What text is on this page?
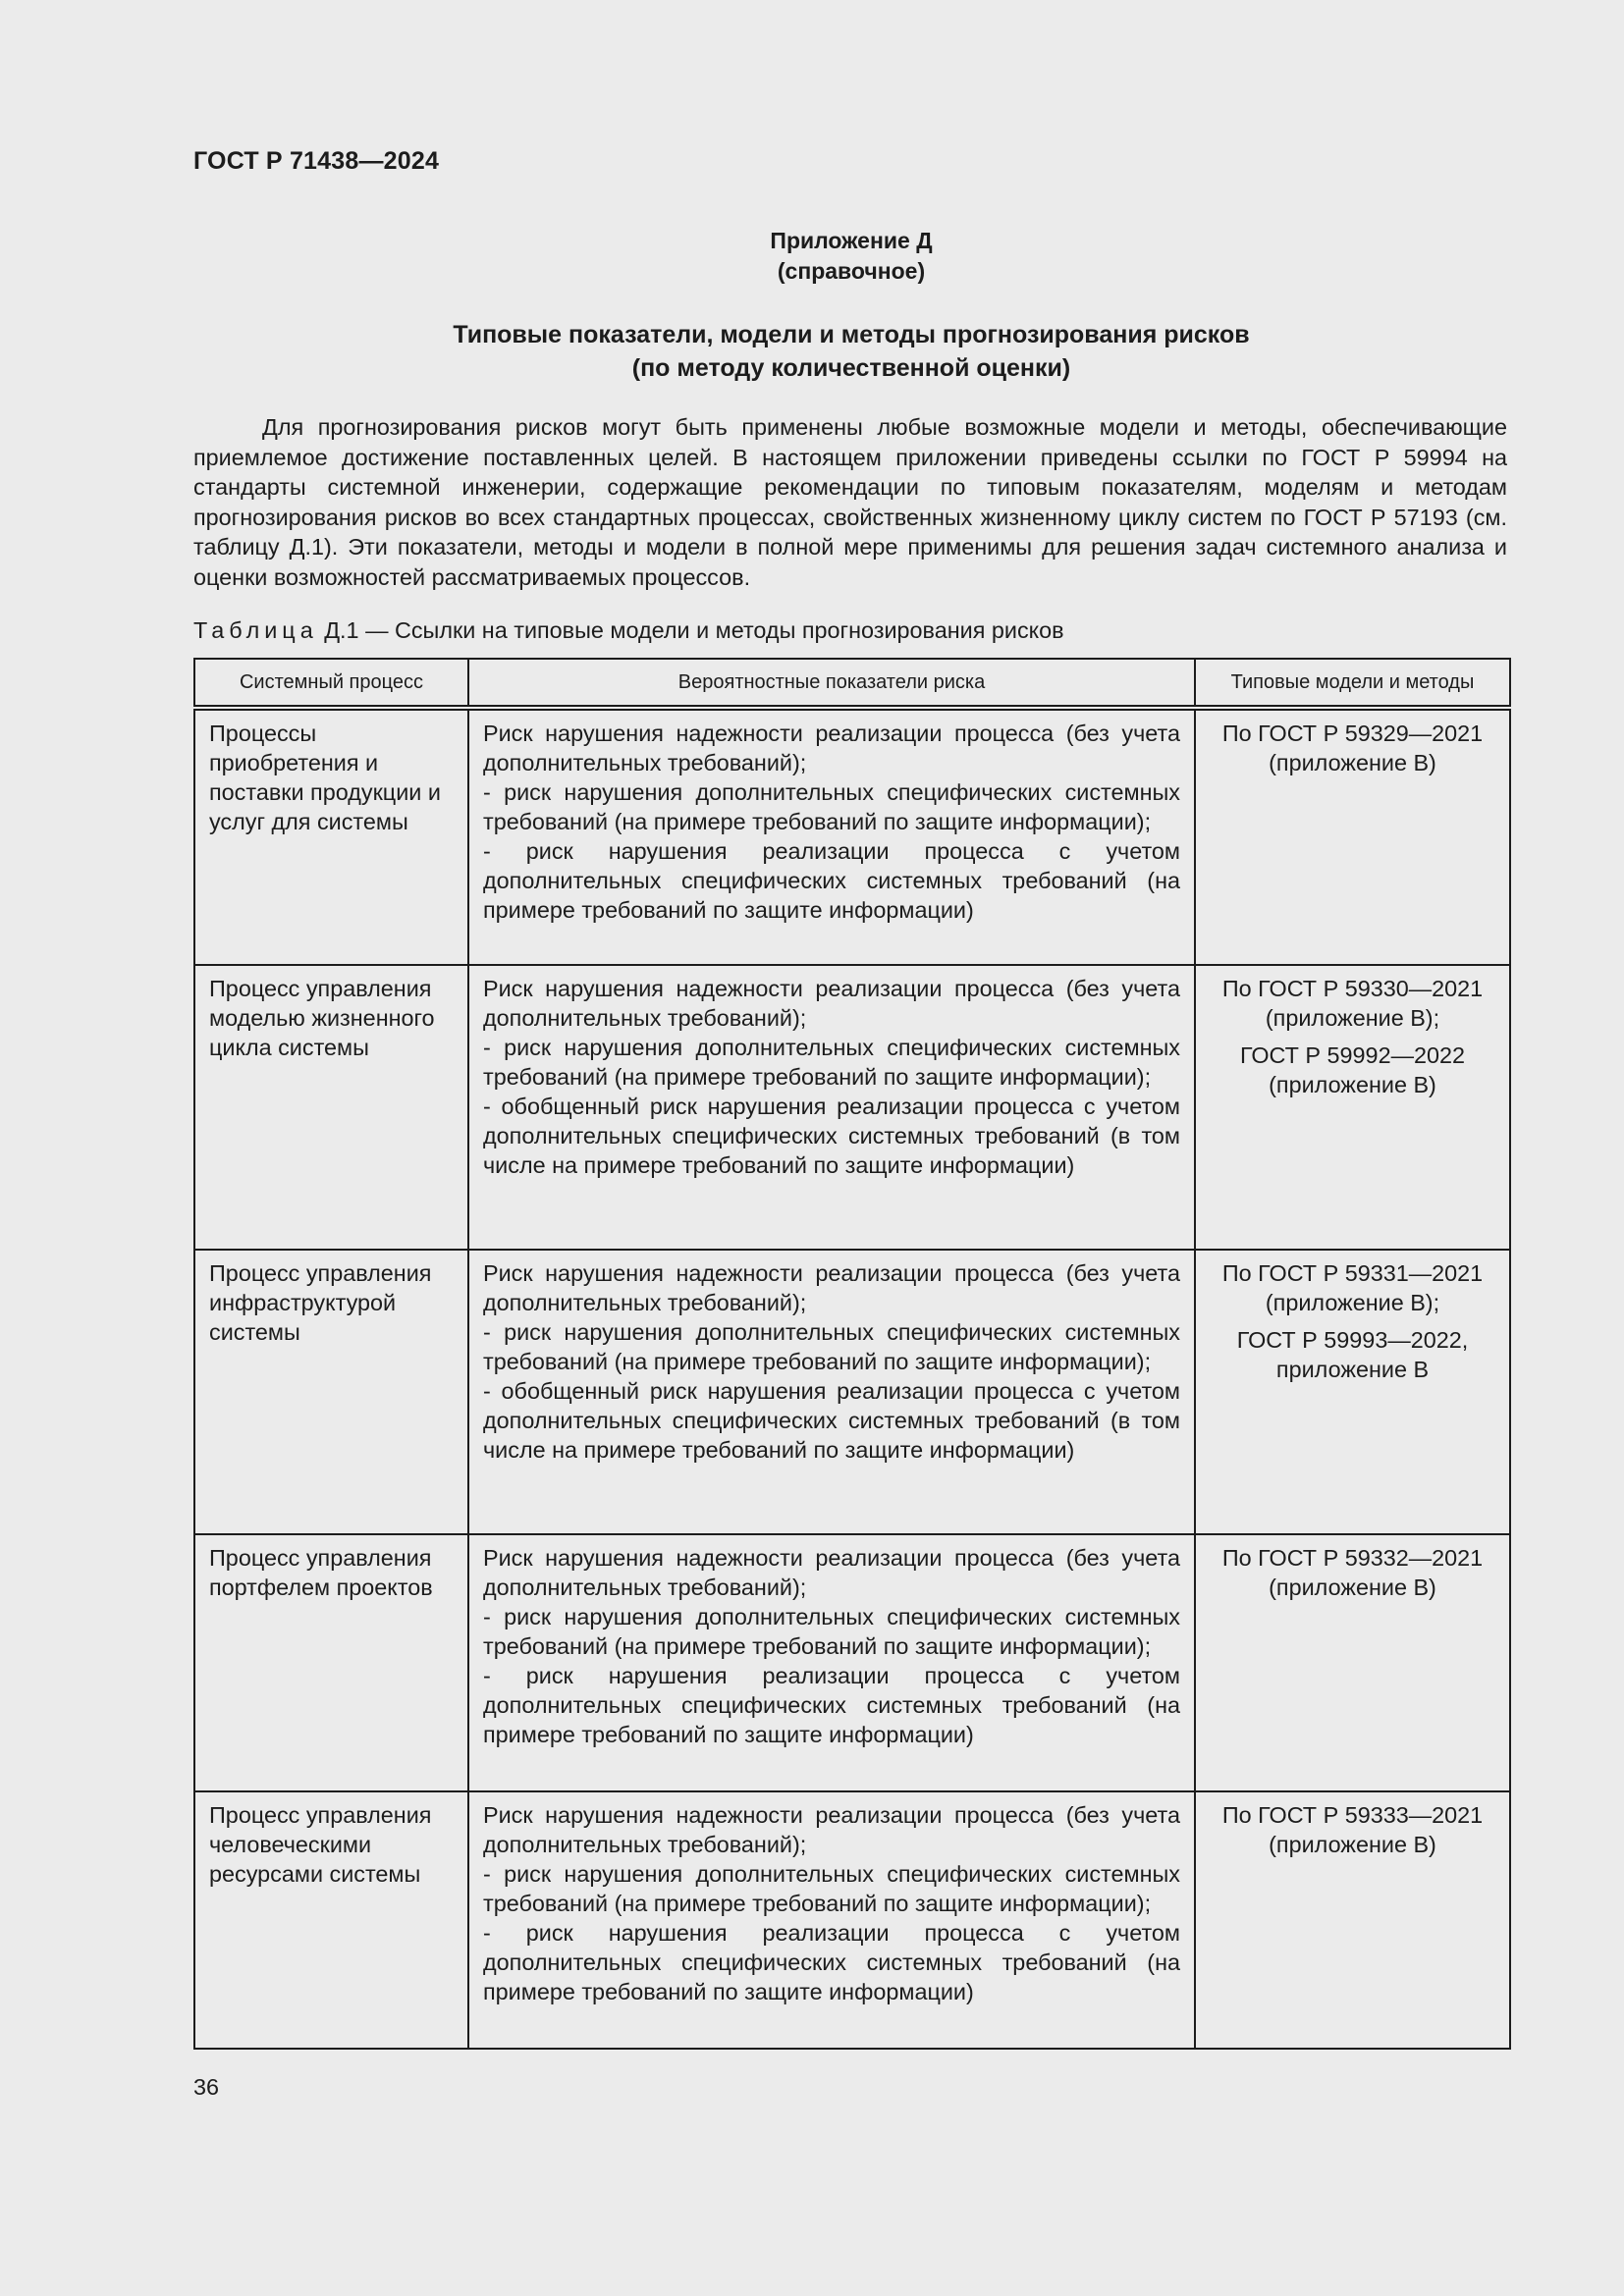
ГОСТ Р 71438—2024
Приложение Д
(справочное)
Типовые показатели, модели и методы прогнозирования рисков
(по методу количественной оценки)

Для прогнозирования рисков могут быть применены любые возможные модели и методы, обеспечивающие приемлемое достижение поставленных целей. В настоящем приложении приведены ссылки по ГОСТ Р 59994 на стандарты системной инженерии, содержащие рекомендации по типовым показателям, моделям и методам прогнозирования рисков во всех стандартных процессах, свойственных жизненному циклу систем по ГОСТ Р 57193 (см. таблицу Д.1). Эти показатели, методы и модели в полной мере применимы для решения задач системного анализа и оценки возможностей рассматриваемых процессов.

Таблица Д.1 — Ссылки на типовые модели и методы прогнозирования рисков
Системный процесс	Вероятностные показатели риска	Типовые модели и методы
Процессы приобретения и поставки продукции и услуг для системы	Риск нарушения надежности реализации процесса (без учета дополнительных требований);
- риск нарушения дополнительных специфических системных требований (на примере требований по защите информации);
- риск нарушения реализации процесса с учетом дополнительных специфических системных требований (на примере требований по защите информации)	По ГОСТ Р 59329—2021 (приложение В)

Процесс управления моделью жизненного цикла системы	Риск нарушения надежности реализации процесса (без учета дополнительных требований);
- риск нарушения дополнительных специфических системных требований (на примере требований по защите информации);
- обобщенный риск нарушения реализации процесса с учетом дополнительных специфических системных требований (в том числе на примере требований по защите информации)	По ГОСТ Р 59330—2021 (приложение В);
ГОСТ Р 59992—2022 (приложение В)

Процесс управления инфраструктурой системы	Риск нарушения надежности реализации процесса (без учета дополнительных требований);
- риск нарушения дополнительных специфических системных требований (на примере требований по защите информации);
- обобщенный риск нарушения реализации процесса с учетом дополнительных специфических системных требований (в том числе на примере требований по защите информации)	По ГОСТ Р 59331—2021 (приложение В);
ГОСТ Р 59993—2022, приложение В

Процесс управления портфелем проектов	Риск нарушения надежности реализации процесса (без учета дополнительных требований);
- риск нарушения дополнительных специфических системных требований (на примере требований по защите информации);
- риск нарушения реализации процесса с учетом дополнительных специфических системных требований (на примере требований по защите информации)	По ГОСТ Р 59332—2021 (приложение В)

Процесс управления человеческими ресурсами системы	Риск нарушения надежности реализации процесса (без учета дополнительных требований);
- риск нарушения дополнительных специфических системных требований (на примере требований по защите информации);
- риск нарушения реализации процесса с учетом дополнительных специфических системных требований (на примере требований по защите информации)	По ГОСТ Р 59333—2021 (приложение В)
36
